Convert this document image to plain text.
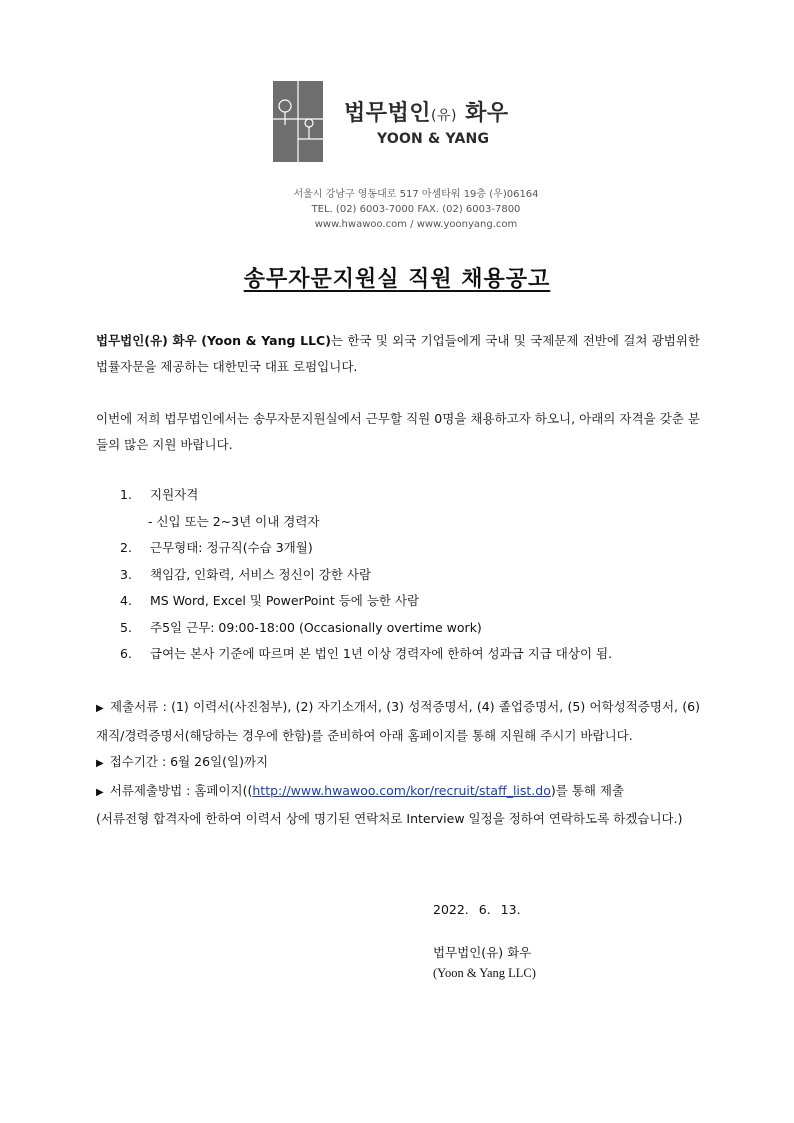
법무법인(유) 화우
YOON & YANG
서울시 강남구 영동대로 517 아셈타워 19층 (우)06164
TEL. (02) 6003-7000 FAX. (02) 6003-7800
www.hwawoo.com / www.yoonyang.com
송무자문지원실 직원 채용공고
법무법인(유) 화우 (Yoon & Yang LLC)는 한국 및 외국 기업들에게 국내 및 국제문제 전반에 걸쳐 광범위한 법률자문을 제공하는 대한민국 대표 로펌입니다.
이번에 저희 법무법인에서는 송무자문지원실에서 근무할 직원 0명을 채용하고자 하오니, 아래의 자격을 갖춘 분들의 많은 지원 바랍니다.
1. 지원자격
- 신입 또는 2~3년 이내 경력자
2. 근무형태: 정규직(수습 3개월)
3. 책임감, 인화력, 서비스 정신이 강한 사람
4. MS Word, Excel 및 PowerPoint 등에 능한 사람
5. 주5일 근무: 09:00-18:00 (Occasionally overtime work)
6. 급여는 본사 기준에 따르며 본 법인 1년 이상 경력자에 한하여 성과급 지급 대상이 됨.
▶ 제출서류 : (1) 이력서(사진첨부), (2) 자기소개서, (3) 성적증명서, (4) 졸업증명서, (5) 어학성적증명서, (6)재직/경력증명서(해당하는 경우에 한함)를 준비하여 아래 홈페이지를 통해 지원해 주시기 바랍니다.
▶ 접수기간 : 6월 26일(일)까지
▶ 서류제출방법 : 홈페이지((http://www.hwawoo.com/kor/recruit/staff_list.do)를 통해 제출
(서류전형 합격자에 한하여 이력서 상에 명기된 연락처로 Interview 일정을 정하여 연락하도록 하겠습니다.)
2022. 6. 13.
법무법인(유) 화우
(Yoon & Yang LLC)
